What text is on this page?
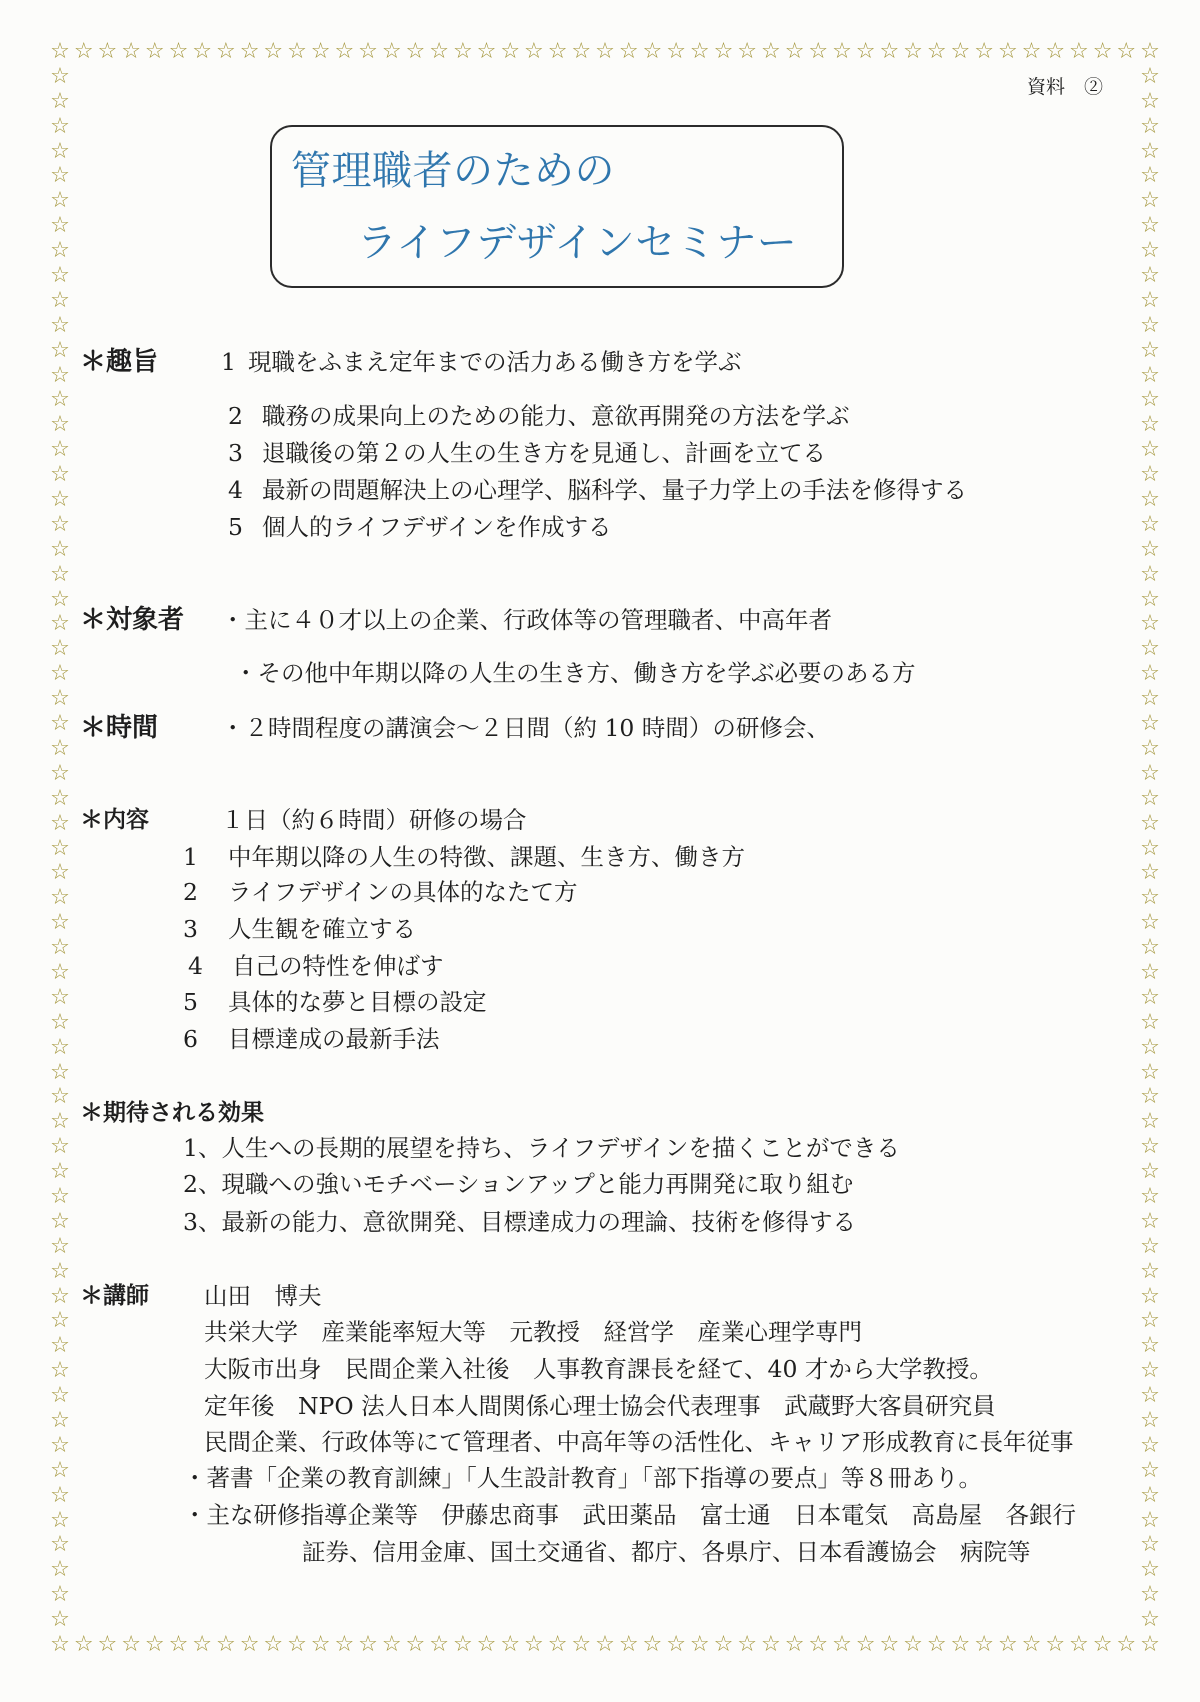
☆
☆
☆
☆
☆
☆
☆
☆
☆
☆
☆
☆
☆
☆
☆
☆
☆
☆
☆
☆
☆
☆
☆
☆
☆
☆
☆
☆
☆
☆
☆
☆
☆
☆
☆
☆
☆
☆
☆
☆
☆
☆
☆
☆
☆
☆
☆
☆
☆
☆
☆
☆
☆
☆
☆
☆
☆
☆
☆
☆
☆
☆
☆
☆
☆
☆
☆
☆
☆
☆
☆
☆
☆
☆
☆
☆
☆
☆
☆
☆
☆
☆
☆
☆
☆
☆
☆
☆
☆
☆
☆
☆
☆
☆
☆	☆
☆	☆
☆	☆
☆	☆
☆	☆
☆	☆
☆	☆
☆	☆
☆	☆
☆	☆
☆	☆
☆	☆
☆	☆
☆	☆
☆	☆
☆	☆
☆	☆
☆	☆
☆	☆
☆	☆
☆	☆
☆	☆
☆	☆
☆	☆
☆	☆
☆	☆
☆	☆
☆	☆
☆	☆
☆	☆
☆	☆
☆	☆
☆	☆
☆	☆
☆	☆
☆	☆
☆	☆
☆	☆
☆	☆
☆	☆
☆	☆
☆	☆
☆	☆
☆	☆
☆	☆
☆	☆
☆	☆
☆	☆
☆	☆
☆	☆
☆	☆
☆	☆
☆	☆
☆	☆
☆	☆
☆	☆
☆	☆
☆	☆
☆	☆
☆	☆
☆	☆
☆	☆
☆	☆
資料　②
管理職者のための
ライフデザインセミナー
＊趣旨	1 現職をふまえ定年までの活力ある働き方を学ぶ
2 職務の成果向上のための能力、意欲再開発の方法を学ぶ
3 退職後の第２の人生の生き方を見通し、計画を立てる
4 最新の問題解決上の心理学、脳科学、量子力学上の手法を修得する
5 個人的ライフデザインを作成する
＊対象者 ・主に４０才以上の企業、行政体等の管理職者、中高年者
・その他中年期以降の人生の生き方、働き方を学ぶ必要のある方
＊時間	・２時間程度の講演会～２日間（約 10 時間）の研修会、
＊内容	１日（約６時間）研修の場合
1 中年期以降の人生の特徴、課題、生き方、働き方
2 ライフデザインの具体的なたて方
3 人生観を確立する
4 自己の特性を伸ばす
5 具体的な夢と目標の設定
6 目標達成の最新手法
＊期待される効果
1、人生への長期的展望を持ち、ライフデザインを描くことができる
2、現職への強いモチベーションアップと能力再開発に取り組む
3、最新の能力、意欲開発、目標達成力の理論、技術を修得する
＊講師 山田　博夫
共栄大学　産業能率短大等　元教授　経営学　産業心理学専門
大阪市出身　民間企業入社後　人事教育課長を経て、40 才から大学教授。
定年後　NPO 法人日本人間関係心理士協会代表理事　武蔵野大客員研究員
民間企業、行政体等にて管理者、中高年等の活性化、キャリア形成教育に長年従事
・著書「企業の教育訓練」「人生設計教育」「部下指導の要点」等８冊あり。
・主な研修指導企業等　伊藤忠商事　武田薬品　富士通　日本電気　高島屋　各銀行
証券、信用金庫、国土交通省、都庁、各県庁、日本看護協会　病院等
